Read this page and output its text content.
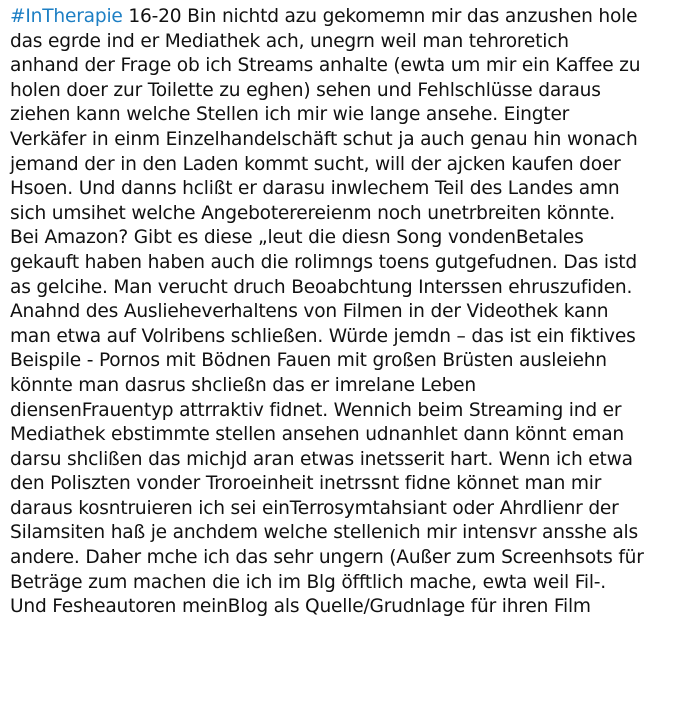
#InTherapie 16-20 Bin nichtd azu gekomemn mir das anzushen hole
das egrde ind er Mediathek ach, unegrn weil man tehroretich
anhand der Frage ob ich Streams anhalte (ewta um mir ein Kaffee zu
holen doer zur Toilette zu eghen) sehen und Fehlschlüsse daraus
ziehen kann welche Stellen ich mir wie lange ansehe. Eingter
Verkäfer in einm Einzelhandelschäft schut ja auch genau hin wonach
jemand der in den Laden kommt sucht, will der ajcken kaufen doer
Hsoen. Und danns hclißt er darasu inwlechem Teil des Landes amn
sich umsihet welche Angeboterereienm noch unetrbreiten könnte.
Bei Amazon? Gibt es diese „leut die diesn Song vondenBetales
gekauft haben haben auch die rolimngs toens gutgefudnen. Das istd
as gelcihe. Man verucht druch Beoabchtung Interssen ehruszufiden.
Anahnd des Auslieheverhaltens von Filmen in der Videothek kann
man etwa auf Volribens schließen. Würde jemdn – das ist ein fiktives
Beispile - Pornos mit Bödnen Fauen mit großen Brüsten ausleiehn
könnte man dasrus shcließn das er imrelane Leben
diensenFrauentyp attrraktiv fidnet. Wennich beim Streaming ind er
Mediathek ebstimmte stellen ansehen udnanhlet dann könnt eman
darsu shclißen das michjd aran etwas inetsserit hart. Wenn ich etwa
den Poliszten vonder Troroeinheit inetrssnt fidne könnet man mir
daraus kosntruieren ich sei einTerrosymtahsiant oder Ahrdlienr der
Silamsiten haß je anchdem welche stellenich mir intensvr ansshe als
andere. Daher mche ich das sehr ungern (Außer zum Screenhsots für
Beträge zum machen die ich im Blg öfftlich mache, ewta weil Fil-.
Und Fesheautoren meinBlog als Quelle/Grudnlage für ihren Film
